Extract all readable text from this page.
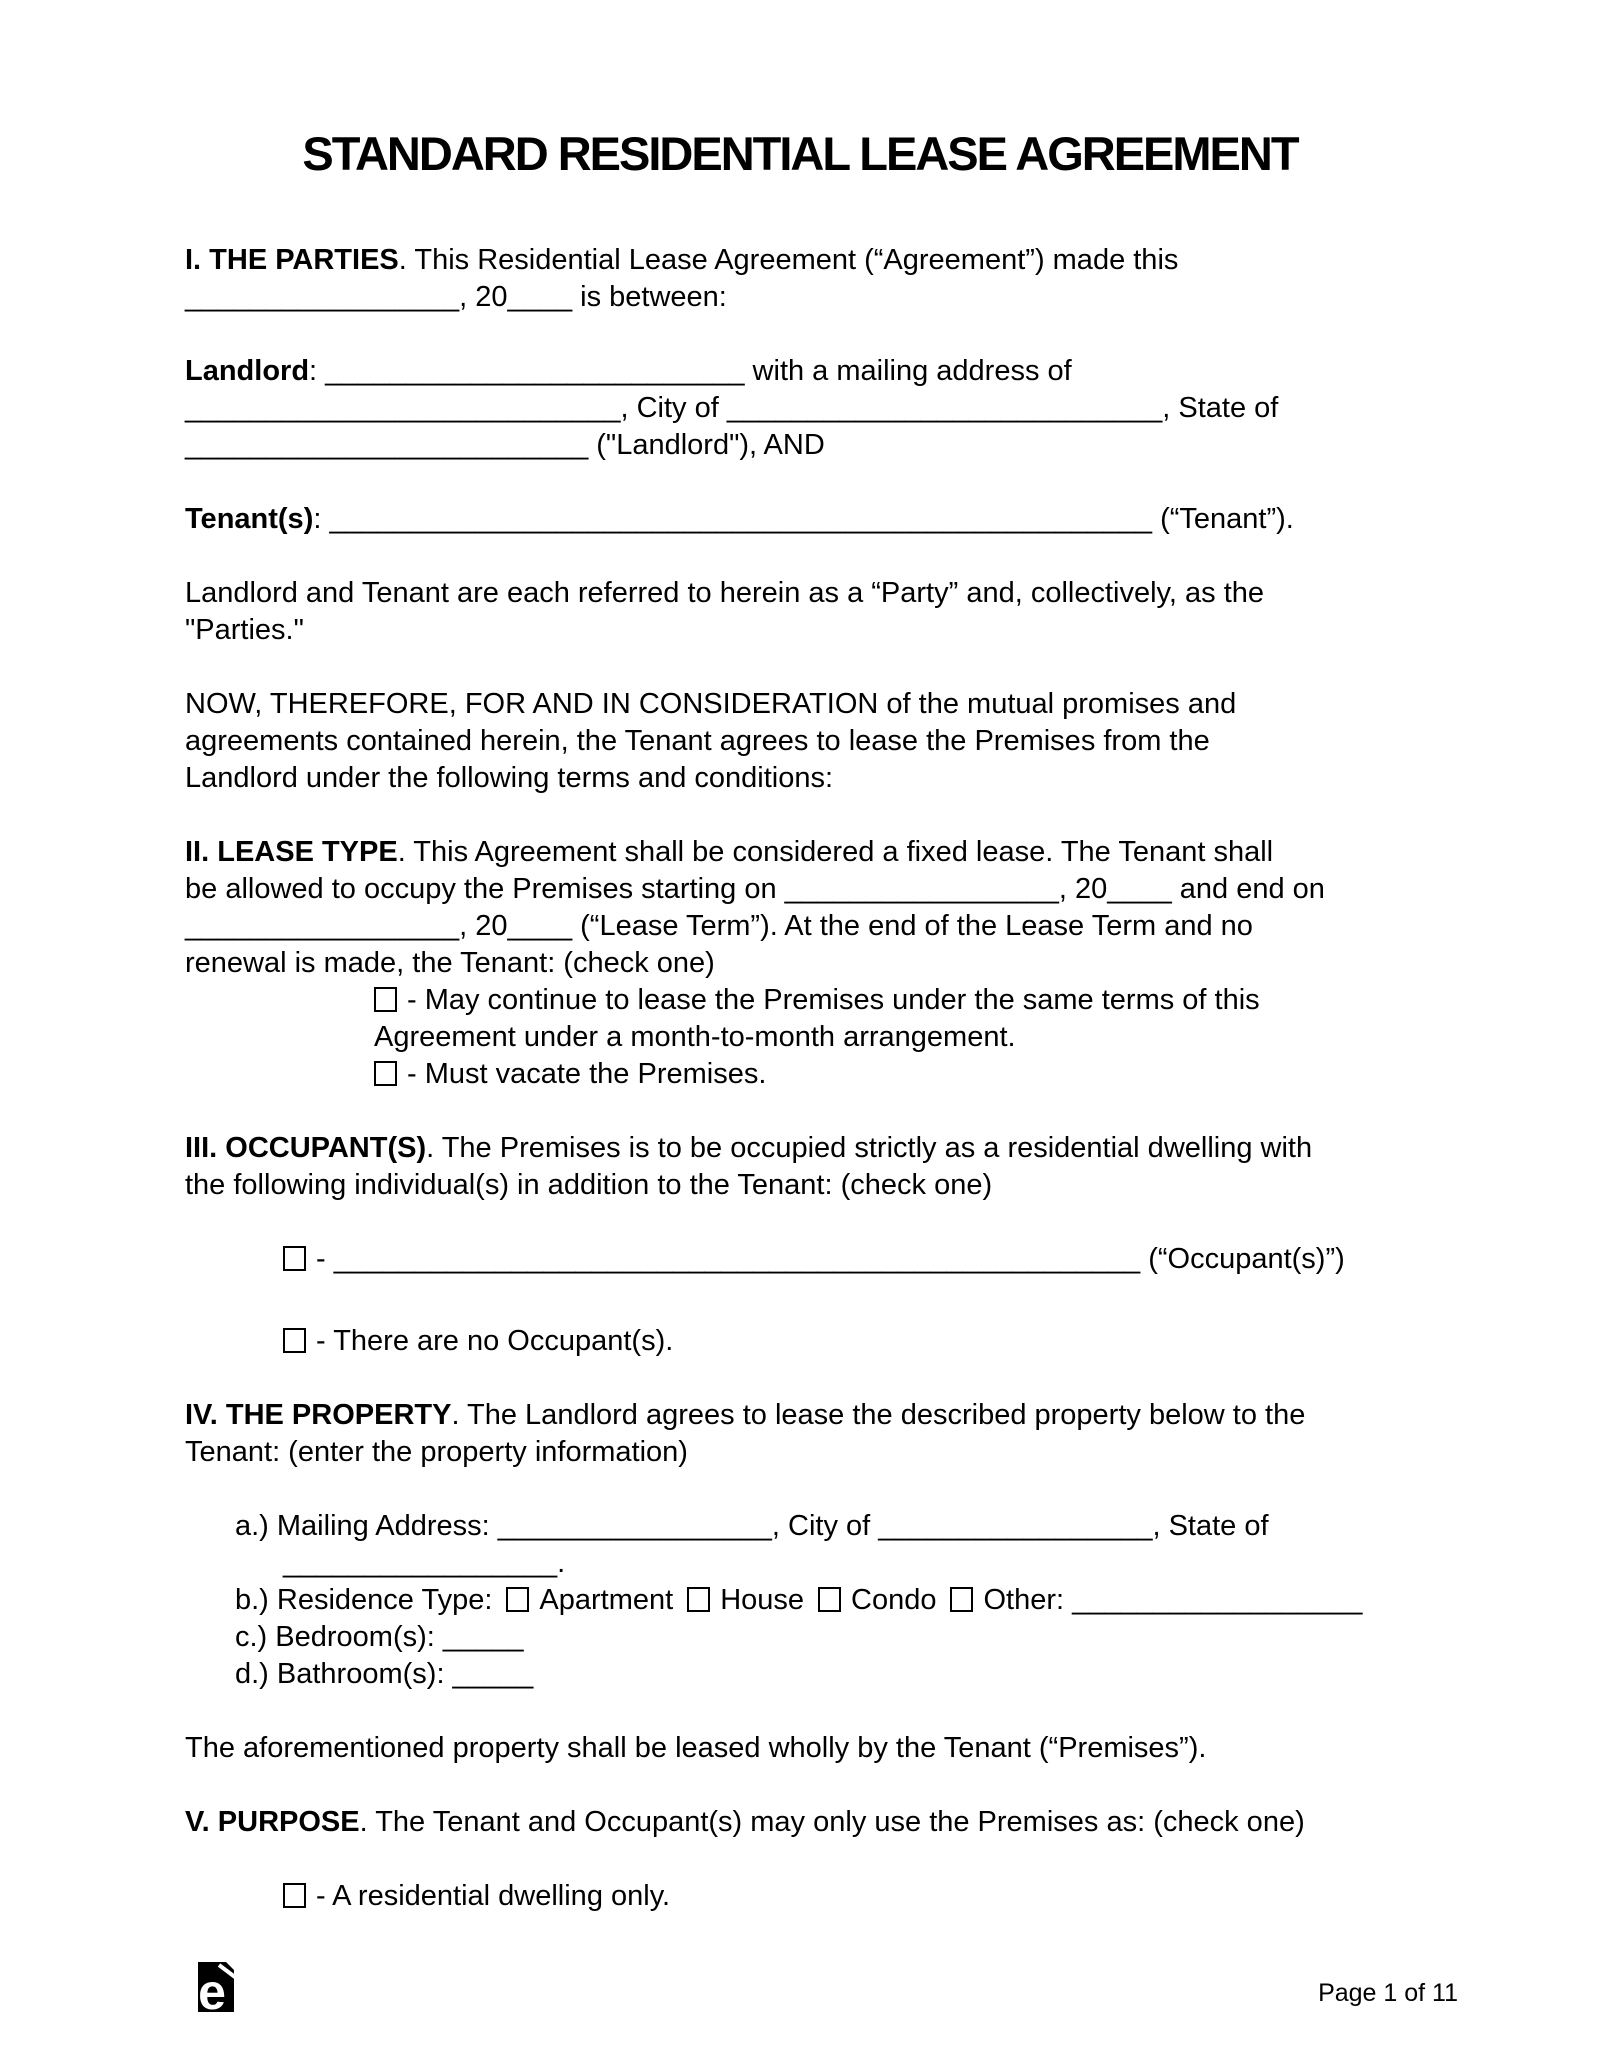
STANDARD RESIDENTIAL LEASE AGREEMENT
I. THE PARTIES. This Residential Lease Agreement (“Agreement”) made this
_________________, 20____ is between:
Landlord: __________________________ with a mailing address of
___________________________, City of ___________________________, State of
_________________________ ("Landlord"), AND
Tenant(s): ___________________________________________________ (“Tenant”).
Landlord and Tenant are each referred to herein as a “Party” and, collectively, as the
"Parties."
NOW, THEREFORE, FOR AND IN CONSIDERATION of the mutual promises and
agreements contained herein, the Tenant agrees to lease the Premises from the
Landlord under the following terms and conditions:
II. LEASE TYPE. This Agreement shall be considered a fixed lease. The Tenant shall
be allowed to occupy the Premises starting on _________________, 20____ and end on
_________________, 20____ (“Lease Term”). At the end of the Lease Term and no
renewal is made, the Tenant: (check one)
- May continue to lease the Premises under the same terms of this
Agreement under a month-to-month arrangement.
- Must vacate the Premises.
III. OCCUPANT(S). The Premises is to be occupied strictly as a residential dwelling with
the following individual(s) in addition to the Tenant: (check one)
- __________________________________________________ (“Occupant(s)”)
- There are no Occupant(s).
IV. THE PROPERTY. The Landlord agrees to lease the described property below to the
Tenant: (enter the property information)
a.) Mailing Address: _________________, City of _________________, State of
_________________.
b.) Residence Type: Apartment House Condo Other: __________________
c.) Bedroom(s): _____
d.) Bathroom(s): _____
The aforementioned property shall be leased wholly by the Tenant (“Premises”).
V. PURPOSE. The Tenant and Occupant(s) may only use the Premises as: (check one)
- A residential dwelling only.
e	Page 1 of 11
